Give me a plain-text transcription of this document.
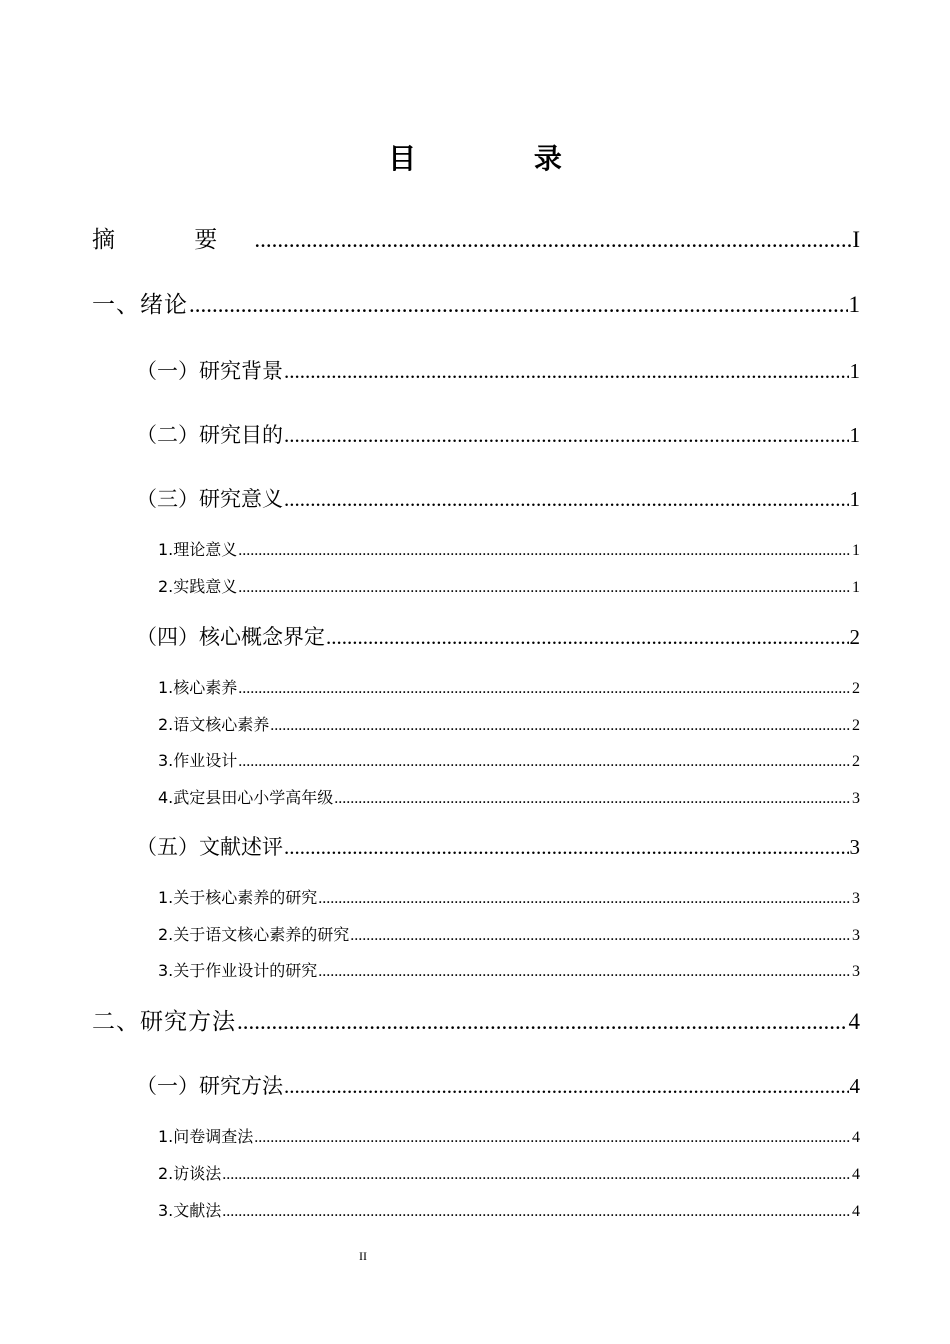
目 录
摘 要 .....	I
一、绪论 .....	1
（一）研究背景 .....	1
（二）研究目的 .....	1
（三）研究意义 .....	1
1.理论意义 .....	1
2.实践意义 .....	1
（四）核心概念界定 .....	2
1.核心素养 .....	2
2.语文核心素养 .....	2
3.作业设计 .....	2
4.武定县田心小学高年级 .....	3
（五）文献述评 .....	3
1.关于核心素养的研究 .....	3
2.关于语文核心素养的研究 .....	3
3.关于作业设计的研究 .....	3
二、研究方法 .....	4
（一）研究方法 .....	4
1.问卷调查法 .....	4
2.访谈法 .....	4
3.文献法 .....	4
II
